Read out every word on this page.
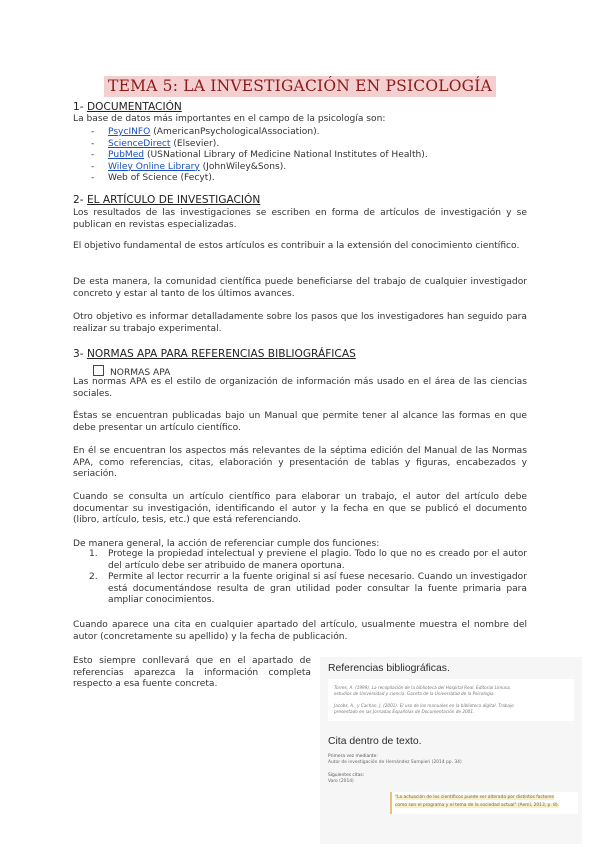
TEMA 5: LA INVESTIGACIÓN EN PSICOLOGÍA
1- DOCUMENTACIÓN

La base de datos más importantes en el campo de la psicología son:

- PsycINFO (AmericanPsychologicalAssociation).
- ScienceDirect (Elsevier).
- PubMed (USNational Library of Medicine National Institutes of Health).
- Wiley Online Library (JohnWiley&Sons).
- Web of Science (Fecyt).
2- EL ARTÍCULO DE INVESTIGACIÓN

Los resultados de las investigaciones se escriben en forma de artículos de investigación y se publican en revistas especializadas.

El objetivo fundamental de estos artículos es contribuir a la extensión del conocimiento científico.

De esta manera, la comunidad científica puede beneficiarse del trabajo de cualquier investigador concreto y estar al tanto de los últimos avances.

Otro objetivo es informar detalladamente sobre los pasos que los investigadores han seguido para realizar su trabajo experimental.

3- NORMAS APA PARA REFERENCIAS BIBLIOGRÁFICAS
NORMAS APA

Las normas APA es el estilo de organización de información más usado en el área de las ciencias sociales.

Éstas se encuentran publicadas bajo un Manual que permite tener al alcance las formas en que debe presentar un artículo científico.

En él se encuentran los aspectos más relevantes de la séptima edición del Manual de las Normas APA, como referencias, citas, elaboración y presentación de tablas y figuras, encabezados y seriación.

Cuando se consulta un artículo científico para elaborar un trabajo, el autor del artículo debe documentar su investigación, identificando el autor y la fecha en que se publicó el documento (libro, artículo, tesis, etc.) que está referenciando.

De manera general, la acción de referenciar cumple dos funciones:

1. Protege la propiedad intelectual y previene el plagio. Todo lo que no es creado por el autor del artículo debe ser atribuido de manera oportuna.
2. Permite al lector recurrir a la fuente original si así fuese necesario. Cuando un investigador está documentándose resulta de gran utilidad poder consultar la fuente primaria para ampliar conocimientos.

Cuando aparece una cita en cualquier apartado del artículo, usualmente muestra el nombre del autor (concretamente su apellido) y la fecha de publicación.

Esto siempre conllevará que en el apartado de referencias aparezca la información completa respecto a esa fuente concreta.

Referencias bibliográficas.
Torres, A. (1999). La recopilación de la biblioteca del Hospital Real. Editorial Limusa,
estudios de Universidad y ciencia. Gaceta de la Universidad de la Psicología.
Jacobs, A., y Cachan, J. (2001). El uso de los manuales en la biblioteca digital. Trabajo
presentado en las Jornadas Españolas de Documentación de 2001.
Cita dentro de texto.
Primera vez mediante:
Autor de investigación de Hernández Sampieri (2014 pp. 34)
Siguientes citas:
Varo (2014)
"La actuación de los científicos puede ser alterada por distintos factores
como son el programa y el tema de la sociedad actual" (Aemi, 2013, p. 8).
